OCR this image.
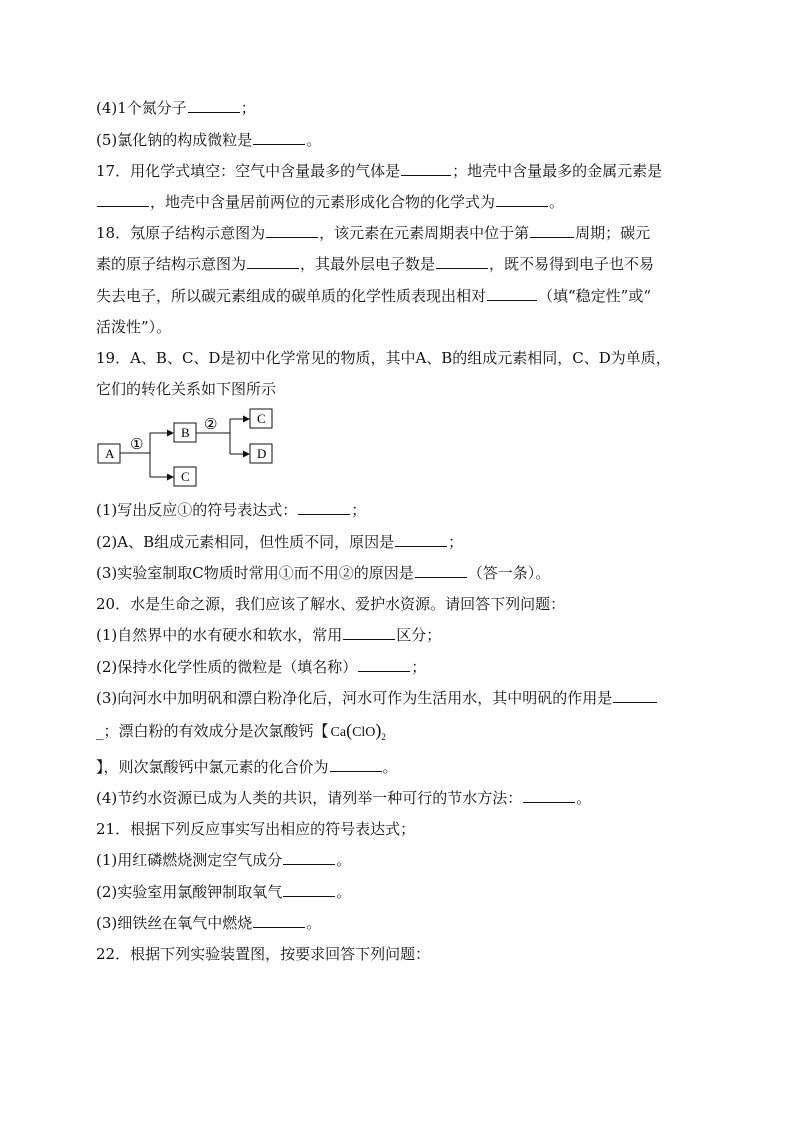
(4)1个氮分子	；
(5)氯化钠的构成微粒是	。
17．用化学式填空：空气中含量最多的气体是	；地壳中含量最多的金属元素是
，地壳中含量居前两位的元素形成化合物的化学式为	。
18．氖原子结构示意图为	，该元素在元素周期表中位于第	周期；碳元
素的原子结构示意图为	，其最外层电子数是	，既不易得到电子也不易
失去电子，所以碳元素组成的碳单质的化学性质表现出相对	（填“稳定性”或“
活泼性”）。
19．A、B、C、D是初中化学常见的物质，其中A、B的组成元素相同，C、D为单质，
它们的转化关系如下图所示
A
B
C
C
D
①
②
(1)写出反应①的符号表达式：	；
(2)A、B组成元素相同，但性质不同，原因是	；
(3)实验室制取C物质时常用①而不用②的原因是	（答一条）。
20．水是生命之源，我们应该了解水、爱护水资源。请回答下列问题：
(1)自然界中的水有硬水和软水，常用	区分；
(2)保持水化学性质的微粒是（填名称）	；
(3)向河水中加明矾和漂白粉净化后，河水可作为生活用水，其中明矾的作用是
_；漂白粉的有效成分是次氯酸钙【 $Ca(ClO)_2$
】，则次氯酸钙中氯元素的化合价为	。
(4)节约水资源已成为人类的共识，请列举一种可行的节水方法：	。
21．根据下列反应事实写出相应的符号表达式；
(1)用红磷燃烧测定空气成分	。
(2)实验室用氯酸钾制取氧气	。
(3)细铁丝在氧气中燃烧	。
22．根据下列实验装置图，按要求回答下列问题：
